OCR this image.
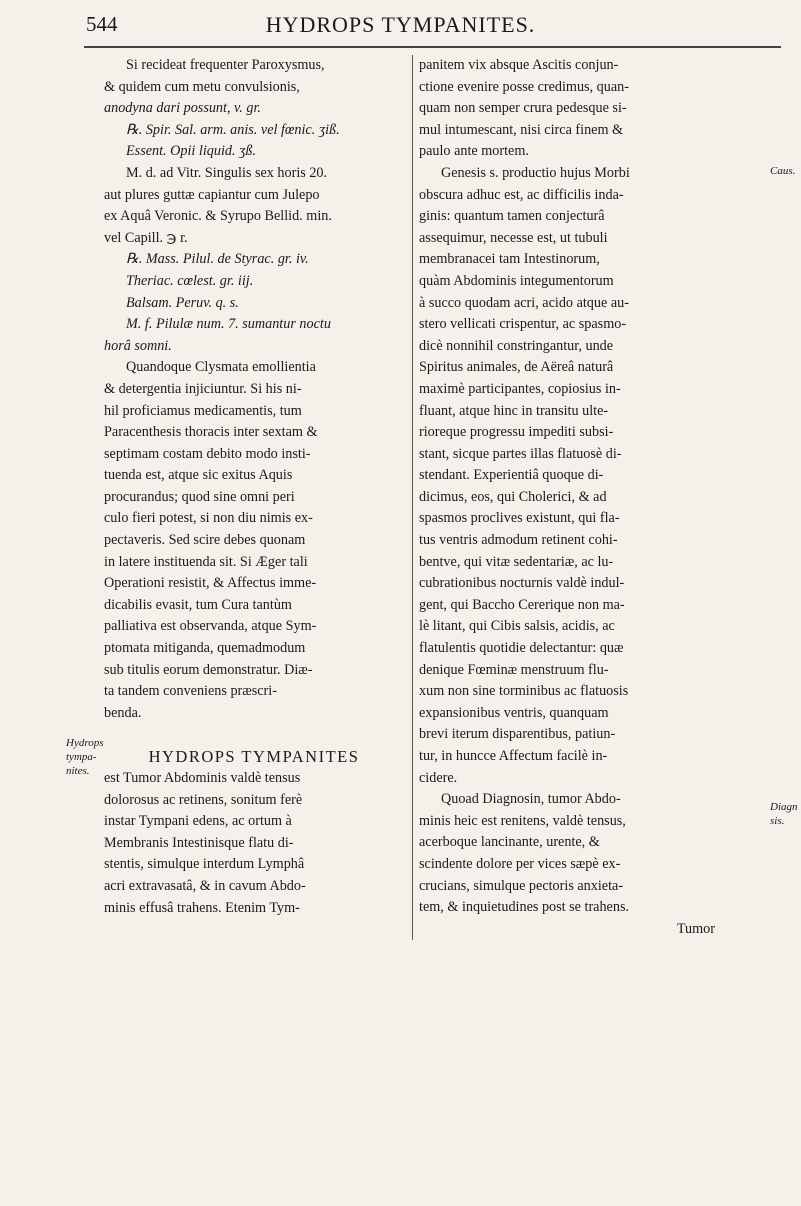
544	HYDROPS TYMPANITES.
Si recideat frequenter Paroxysmus,
& quidem cum metu convulsionis,
anodyna dari possunt, v. gr.
℞. Spir. Sal. arm. anis. vel fœnic. ʒiß.
Essent. Opii liquid. ʒß.
M. d. ad Vitr. Singulis sex horis 20.
aut plures guttæ capiantur cum Julepo
ex Aquâ Veronic. & Syrupo Bellid. min.
vel Capill. ℈ r.
℞. Mass. Pilul. de Styrac. gr. iv.
Theriac. cœlest. gr. iij.
Balsam. Peruv. q. s.
M. f. Pilulæ num. 7. sumantur noctu
horâ somni.
Quandoque Clysmata emollientia
& detergentia injiciuntur. Si his ni-
hil proficiamus medicamentis, tum
Paracenthesis thoracis inter sextam &
septimam costam debito modo insti-
tuenda est, atque sic exitus Aquis
procurandus; quod sine omni peri
culo fieri potest, si non diu nimis ex-
pectaveris. Sed scire debes quonam
in latere instituenda sit. Si Æger tali
Operationi resistit, & Affectus imme-
dicabilis evasit, tum Cura tantùm
palliativa est observanda, atque Sym-
ptomata mitiganda, quemadmodum
sub titulis eorum demonstratur. Diæ-
ta tandem conveniens præscri-
benda.
HYDROPS TYMPANITES
est Tumor Abdominis valdè tensus
dolorosus ac retinens, sonitum ferè
instar Tympani edens, ac ortum à
Membranis Intestinisque flatu di-
stentis, simulque interdum Lymphâ
acri extravasatâ, & in cavum Abdo-
minis effusâ trahens. Etenim Tym-
panitem vix absque Ascitis conjun-
ctione evenire posse credimus, quan-
quam non semper crura pedesque si-
mul intumescant, nisi circa finem &
paulo ante mortem.
Genesis s. productio hujus Morbi
obscura adhuc est, ac difficilis inda-
ginis: quantum tamen conjecturâ
assequimur, necesse est, ut tubuli
membranacei tam Intestinorum,
quàm Abdominis integumentorum
à succo quodam acri, acido atque au-
stero vellicati crispentur, ac spasmo-
dicè nonnihil constringantur, unde
Spiritus animales, de Aëreâ naturâ
maximè participantes, copiosius in-
fluant, atque hinc in transitu ulte-
rioreque progressu impediti subsi-
stant, sicque partes illas flatuosè di-
stendant. Experientiâ quoque di-
dicimus, eos, qui Cholerici, & ad
spasmos proclives existunt, qui fla-
tus ventris admodum retinent cohi-
bentve, qui vitæ sedentariæ, ac lu-
cubrationibus nocturnis valdè indul-
gent, qui Baccho Cererique non ma-
lè litant, qui Cibis salsis, acidis, ac
flatulentis quotidie delectantur: quæ
denique Fœminæ menstruum flu-
xum non sine torminibus ac flatuosis
expansionibus ventris, quanquam
brevi iterum disparentibus, patiun-
tur, in huncce Affectum facilè in-
cidere.
Quoad Diagnosin, tumor Abdo-
minis heic est renitens, valdè tensus,
acerboque lancinante, urente, &
scindente dolore per vices sæpè ex-
crucians, simulque pectoris anxieta-
tem, & inquietudines post se trahens.
Tumor
Caus.
Diagn sis.
Hydrops tympa- nites.
